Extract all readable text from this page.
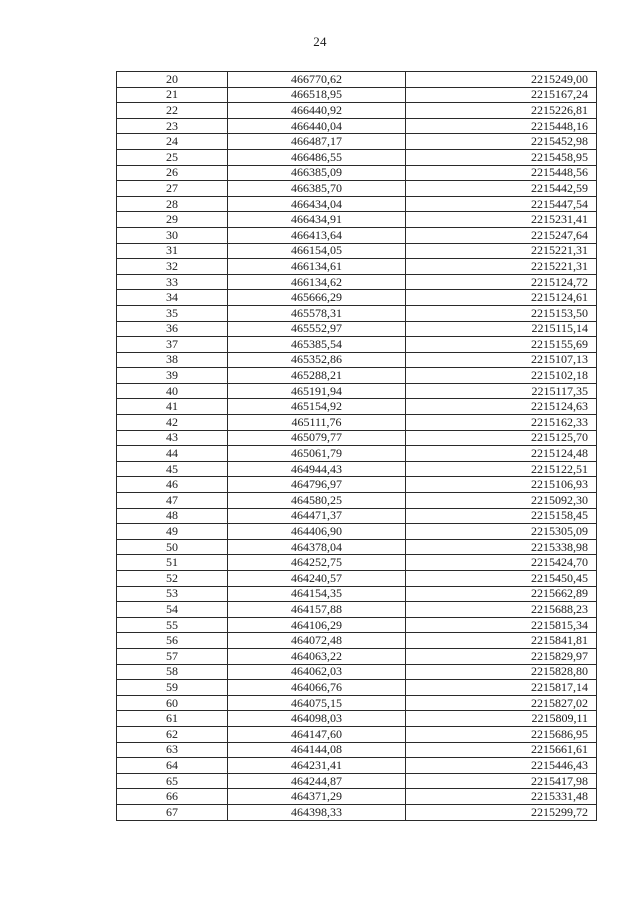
24
20	466770,62	2215249,00
21	466518,95	2215167,24
22	466440,92	2215226,81
23	466440,04	2215448,16
24	466487,17	2215452,98
25	466486,55	2215458,95
26	466385,09	2215448,56
27	466385,70	2215442,59
28	466434,04	2215447,54
29	466434,91	2215231,41
30	466413,64	2215247,64
31	466154,05	2215221,31
32	466134,61	2215221,31
33	466134,62	2215124,72
34	465666,29	2215124,61
35	465578,31	2215153,50
36	465552,97	2215115,14
37	465385,54	2215155,69
38	465352,86	2215107,13
39	465288,21	2215102,18
40	465191,94	2215117,35
41	465154,92	2215124,63
42	465111,76	2215162,33
43	465079,77	2215125,70
44	465061,79	2215124,48
45	464944,43	2215122,51
46	464796,97	2215106,93
47	464580,25	2215092,30
48	464471,37	2215158,45
49	464406,90	2215305,09
50	464378,04	2215338,98
51	464252,75	2215424,70
52	464240,57	2215450,45
53	464154,35	2215662,89
54	464157,88	2215688,23
55	464106,29	2215815,34
56	464072,48	2215841,81
57	464063,22	2215829,97
58	464062,03	2215828,80
59	464066,76	2215817,14
60	464075,15	2215827,02
61	464098,03	2215809,11
62	464147,60	2215686,95
63	464144,08	2215661,61
64	464231,41	2215446,43
65	464244,87	2215417,98
66	464371,29	2215331,48
67	464398,33	2215299,72
